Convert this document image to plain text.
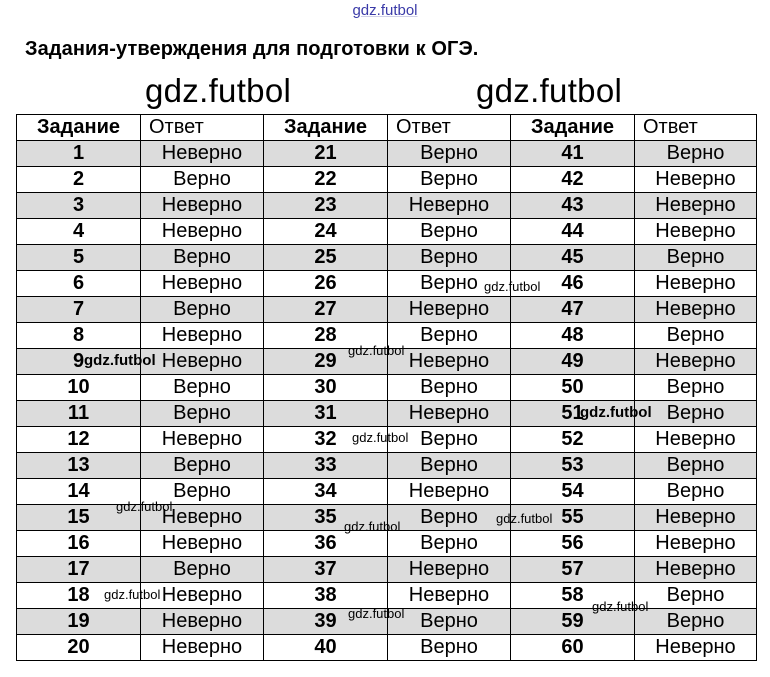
gdz.futbol
Задания-утверждения для подготовки к ОГЭ.
gdz.futbol	gdz.futbol
Задание	Ответ	Задание	Ответ	Задание	Ответ
1	Неверно	21	Верно	41	Верно
2	Верно	22	Верно	42	Неверно
3	Неверно	23	Неверно	43	Неверно
4	Неверно	24	Верно	44	Неверно
5	Верно	25	Верно	45	Верно
6	Неверно	26	Верно	46	Неверно
7	Верно	27	Неверно	47	Неверно
8	Неверно	28	Верно	48	Верно
9	Неверно	29	Неверно	49	Неверно
10	Верно	30	Верно	50	Верно
11	Верно	31	Неверно	51	Верно
12	Неверно	32	Верно	52	Неверно
13	Верно	33	Верно	53	Верно
14	Верно	34	Неверно	54	Верно
15	Неверно	35	Верно	55	Неверно
16	Неверно	36	Верно	56	Неверно
17	Верно	37	Неверно	57	Неверно
18	Неверно	38	Неверно	58	Верно
19	Неверно	39	Верно	59	Верно
20	Неверно	40	Верно	60	Неверно
gdz.futbol
gdz.futbol
gdz.futbol
gdz.futbol
gdz.futbol
gdz.futbol
gdz.futbol
gdz.futbol
gdz.futbol
gdz.futbol
gdz.futbol
